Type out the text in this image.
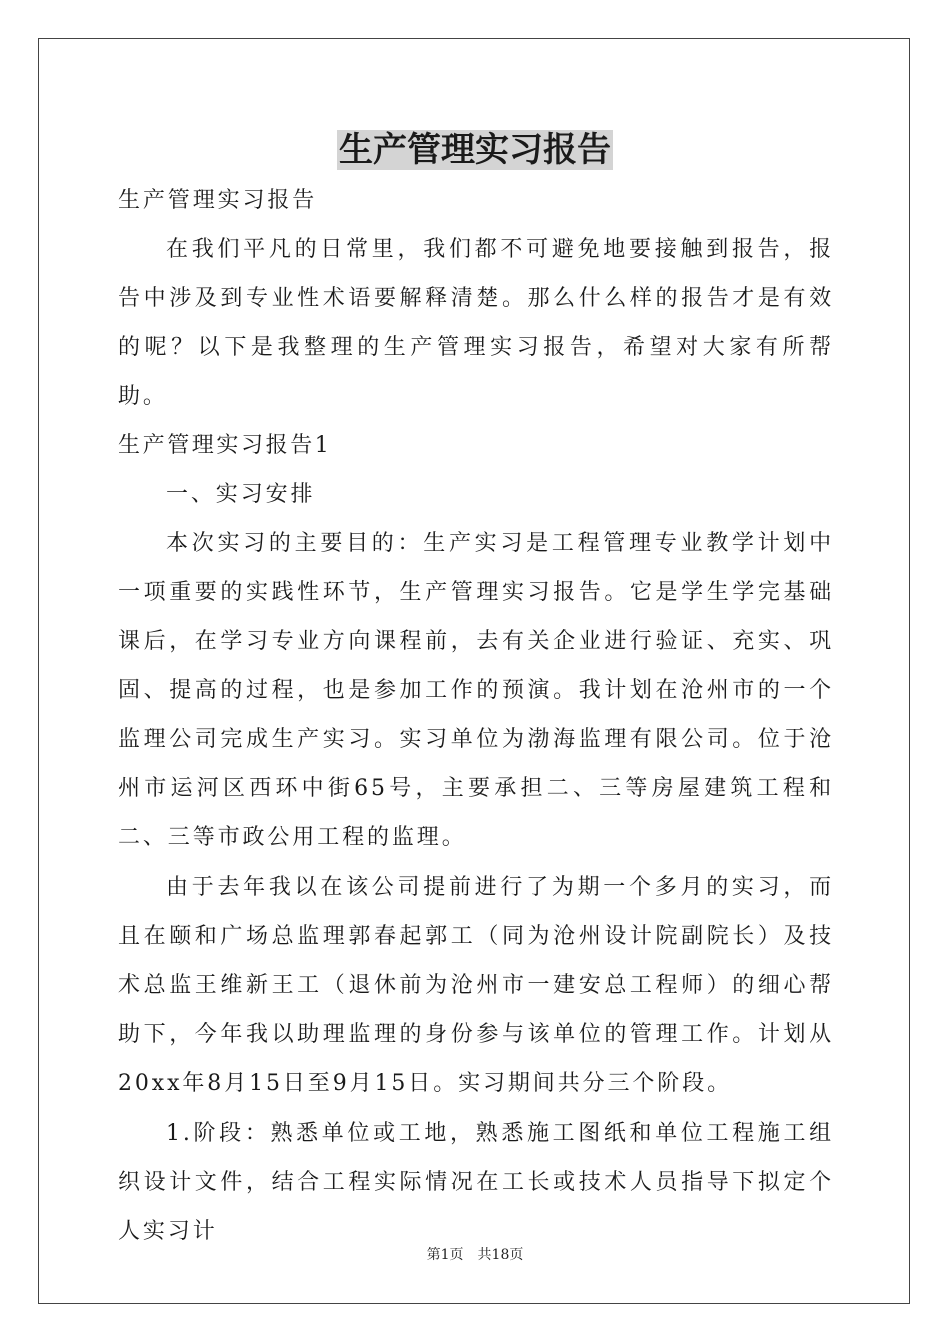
生产管理实习报告

生产管理实习报告

在我们平凡的日常里，我们都不可避免地要接触到报告，报告中涉及到专业性术语要解释清楚。那么什么样的报告才是有效的呢？以下是我整理的生产管理实习报告，希望对大家有所帮助。

生产管理实习报告1

一、实习安排

本次实习的主要目的：生产实习是工程管理专业教学计划中一项重要的实践性环节，生产管理实习报告。它是学生学完基础课后，在学习专业方向课程前，去有关企业进行验证、充实、巩固、提高的过程，也是参加工作的预演。我计划在沧州市的一个监理公司完成生产实习。实习单位为渤海监理有限公司。位于沧州市运河区西环中街65号，主要承担二、三等房屋建筑工程和二、三等市政公用工程的监理。

由于去年我以在该公司提前进行了为期一个多月的实习，而且在颐和广场总监理郭春起郭工（同为沧州设计院副院长）及技术总监王维新王工（退休前为沧州市一建安总工程师）的细心帮助下，今年我以助理监理的身份参与该单位的管理工作。计划从20xx年8月15日至9月15日。实习期间共分三个阶段。

1.阶段：熟悉单位或工地，熟悉施工图纸和单位工程施工组织设计文件，结合工程实际情况在工长或技术人员指导下拟定个人实习计

第1页 共18页
